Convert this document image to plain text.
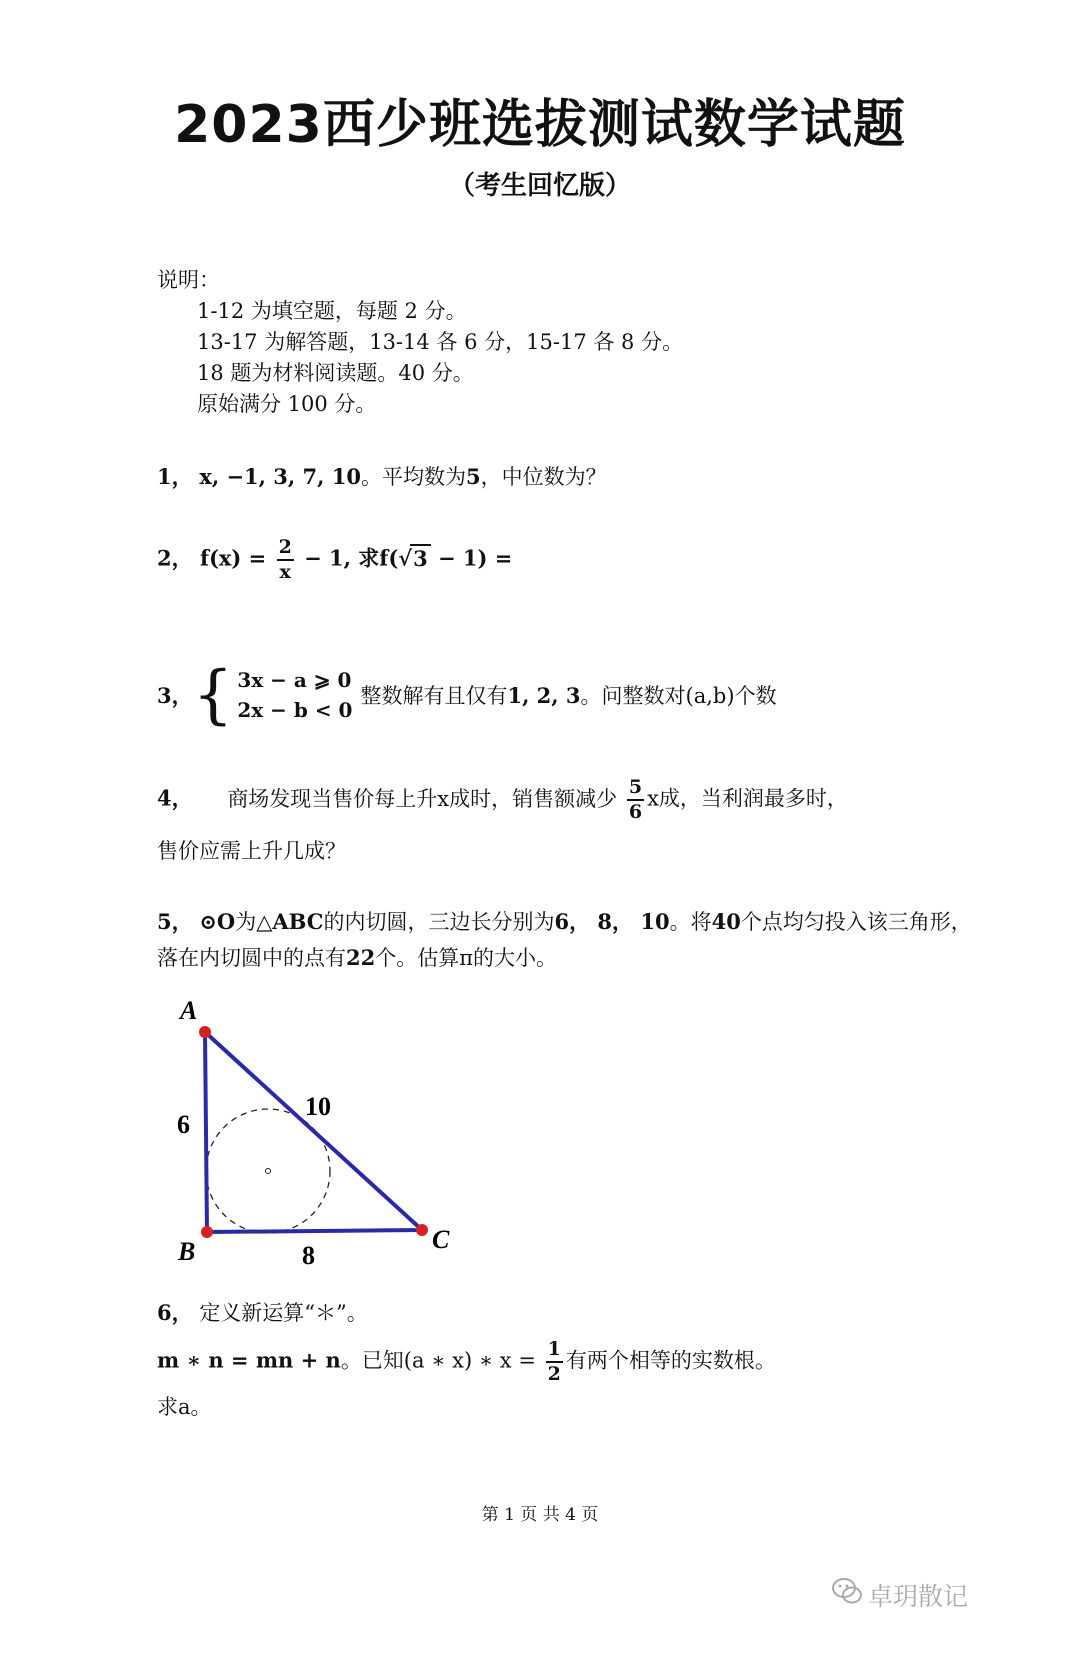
2023西少班选拔测试数学试题
（考生回忆版）
说明：
1-12 为填空题，每题 2 分。
13-17 为解答题，13-14 各 6 分，15-17 各 8 分。
18 题为材料阅读题。40 分。
原始满分 100 分。
1， x, −1, 3, 7, 10。平均数为5，中位数为？
2， $f(x) = \frac{2}{x} - 1$, 求f(√3 − 1) =
3， { 3x − a ⩾ 0
2x − b < 0
整数解有且仅有 1, 2, 3 。问整数对(a,b)个数
4， 商场发现当售价每上升x成时，销售额减少 $\frac{5}{6}$ x成，当利润最多时，
售价应需上升几成？
5， ⊙O为△ABC的内切圆，三边长分别为6， 8， 10。将40个点均匀投入该三角形，
落在内切圆中的点有22个。估算π的大小。
A
B	C
6
10
8
6， 定义新运算“＊”。
m ∗ n = mn + n。已知(a ∗ x) ∗ $x = \frac{1}{2}$ 有两个相等的实数根。
求a。
第 1 页 共 4 页
卓玥散记
